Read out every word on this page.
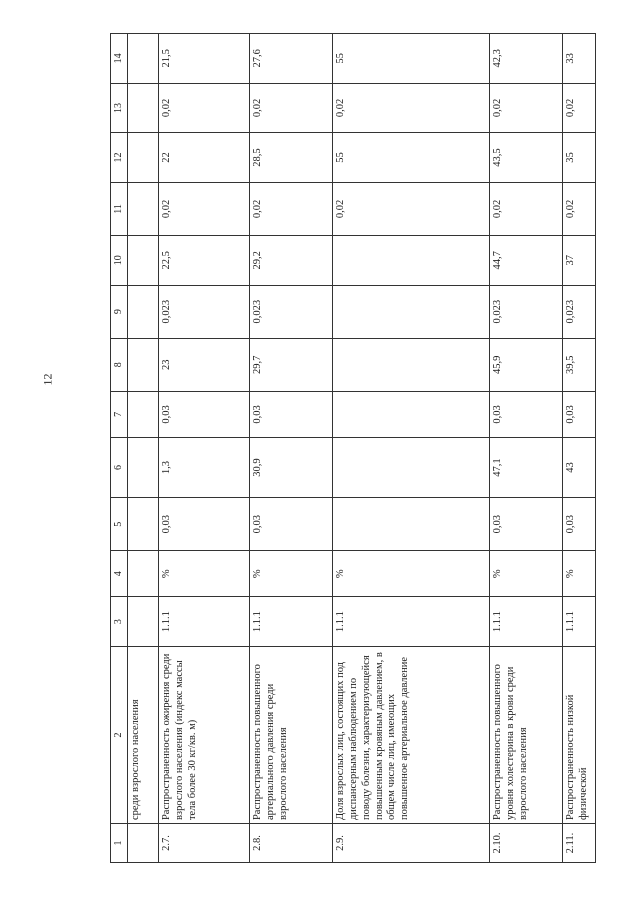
12
1	2	3	4	5	6	7	8	9	10	11	12	13	14
	среди взрослого населения												
2.7.	Распространенность ожирения среди взрослого населения (индекс массы тела более 30 кг/кв. м)	1.1.1	%	0,03	1,3	0,03	23	0,023	22,5	0,02	22	0,02	21,5
2.8.	Распространенность повышенного артериального давления среди взрослого населения	1.1.1	%	0,03	30,9	0,03	29,7	0,023	29,2	0,02	28,5	0,02	27,6
2.9.	Доля взрослых лиц, состоящих под диспансерным наблюдением по поводу болезни, характеризующейся повышенным кровяным давлением, в общем числе лиц, имеющих повышенное артериальное давление	1.1.1	%							0,02	55	0,02	55
2.10.	Распространенность повышенного уровня холестерина в крови среди взрослого населения	1.1.1	%	0,03	47,1	0,03	45,9	0,023	44,7	0,02	43,5	0,02	42,3
2.11.	Распространенность низкой физической	1.1.1	%	0,03	43	0,03	39,5	0,023	37	0,02	35	0,02	33
